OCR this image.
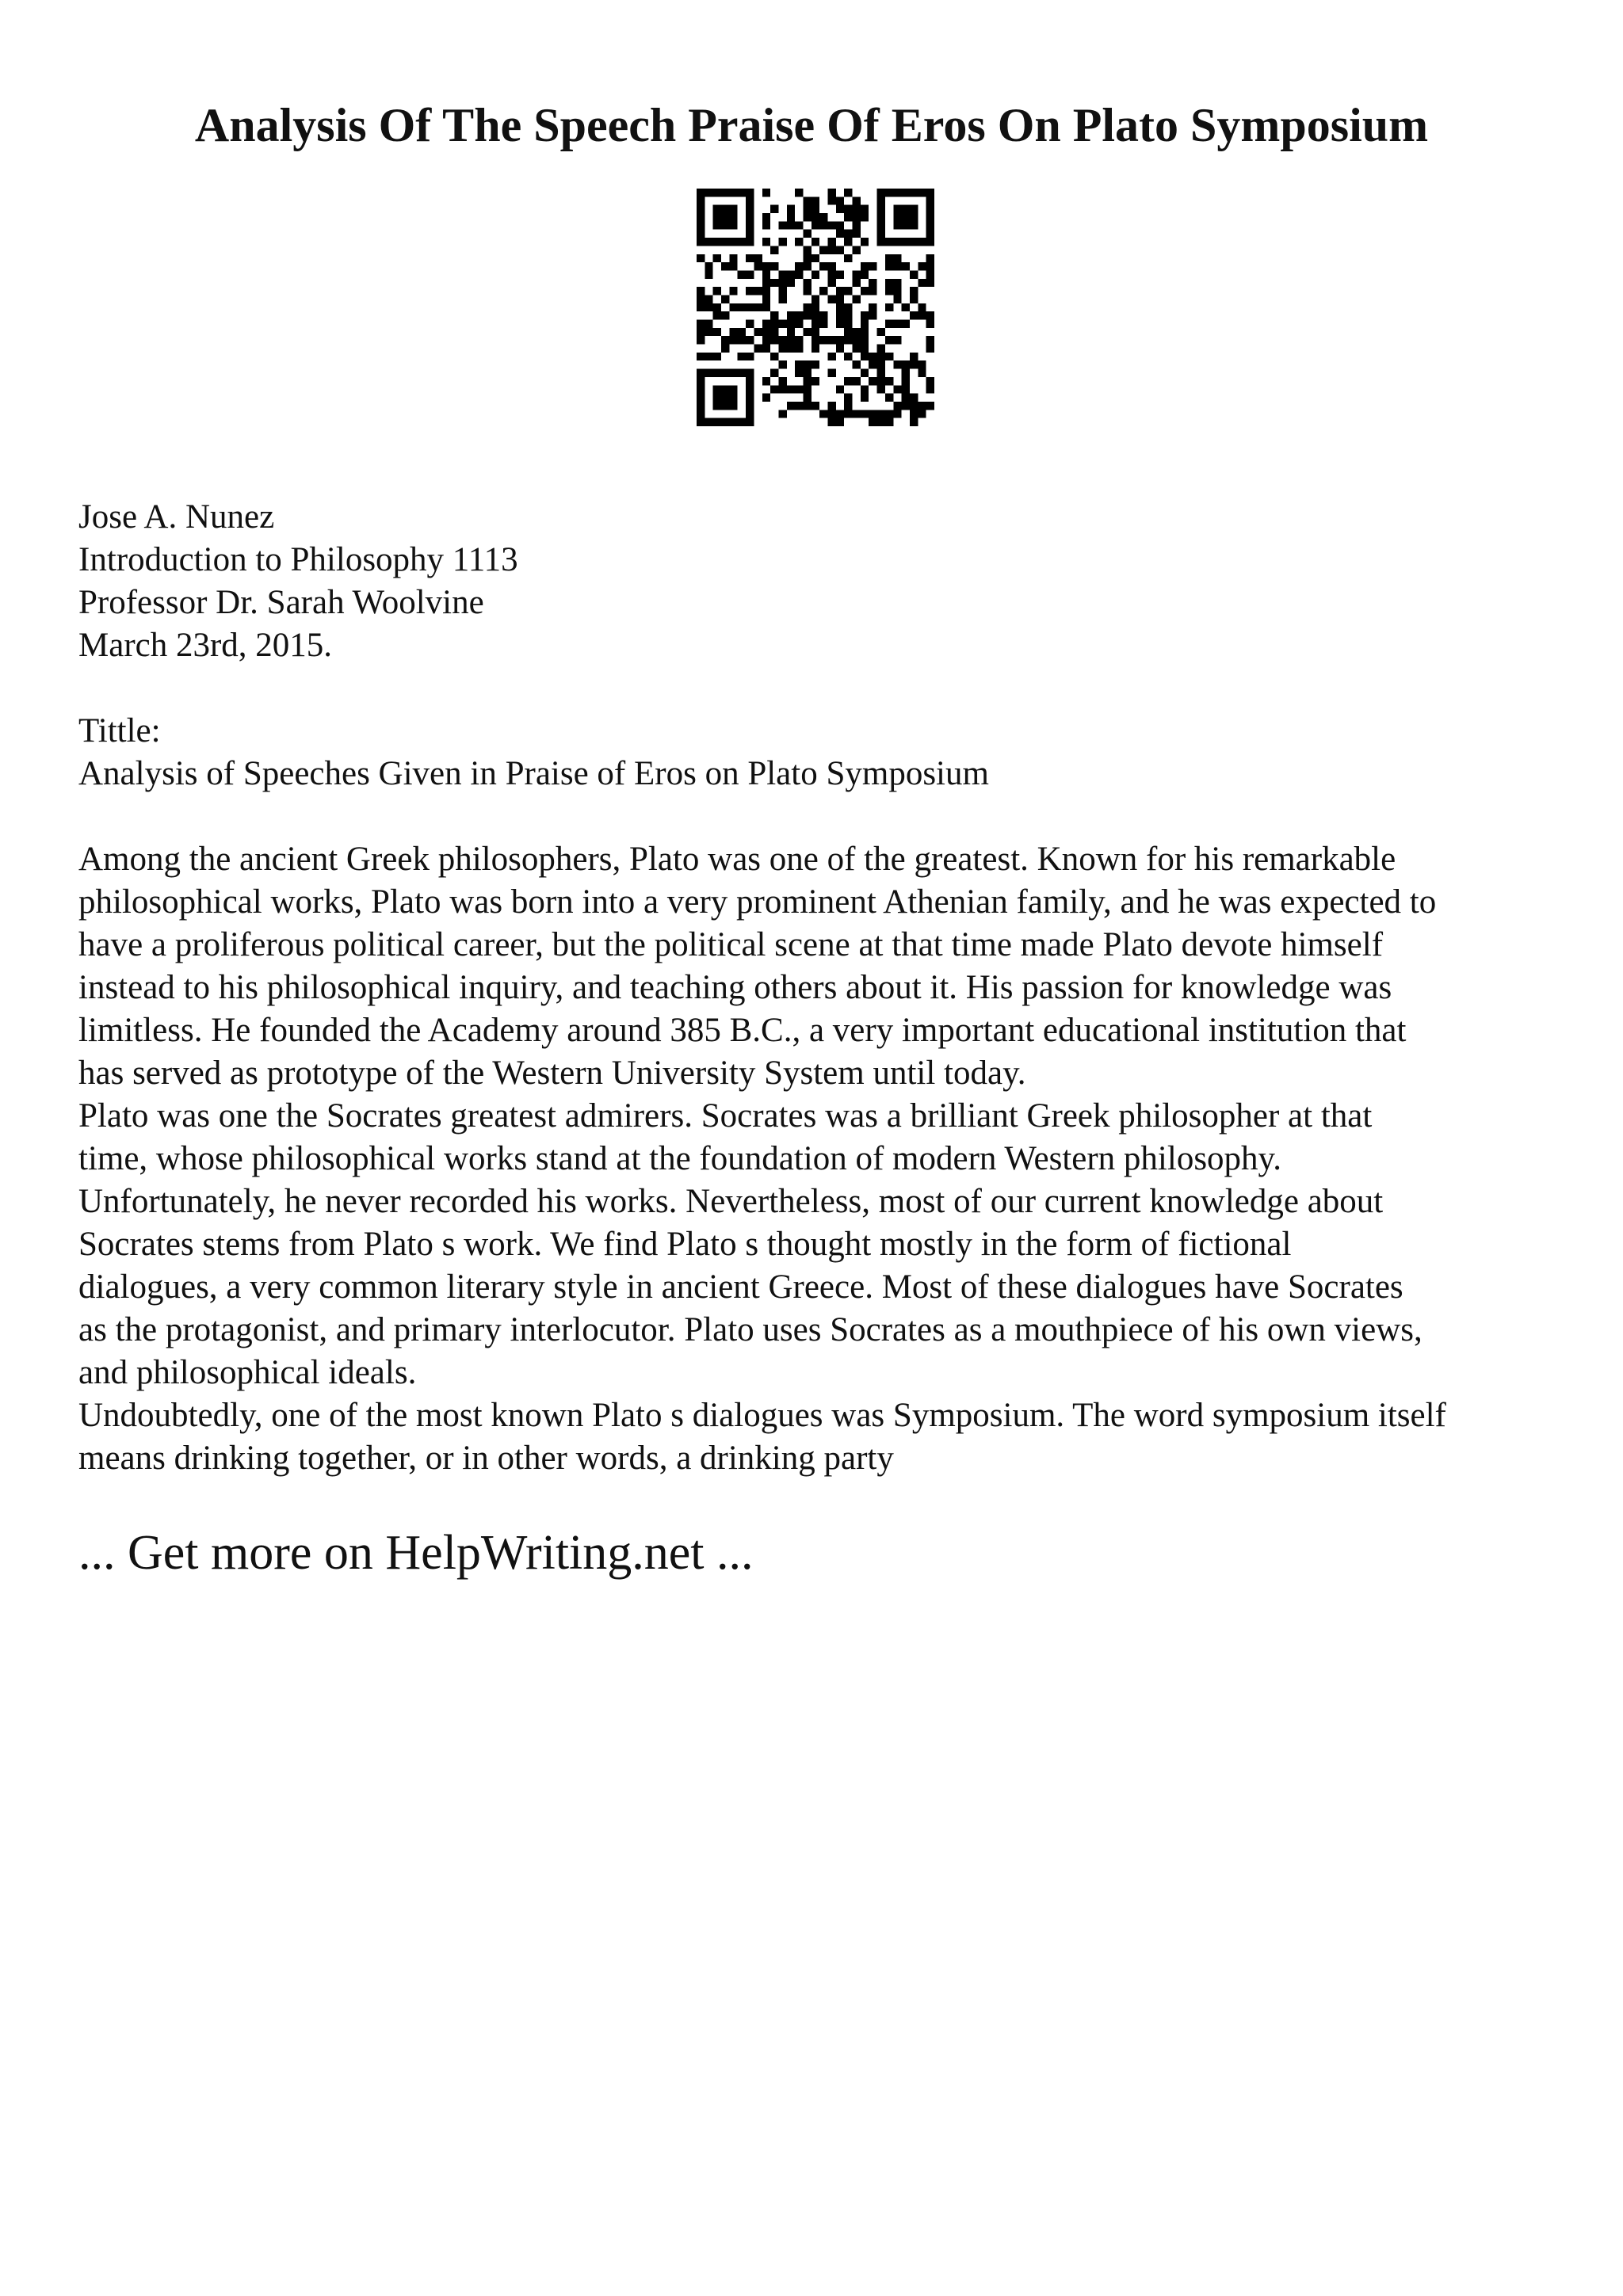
Analysis Of The Speech Praise Of Eros On Plato Symposium
Jose A. Nunez
Introduction to Philosophy 1113
Professor Dr. Sarah Woolvine
March 23rd, 2015.
Tittle:
Analysis of Speeches Given in Praise of Eros on Plato Symposium
Among the ancient Greek philosophers, Plato was one of the greatest. Known for his remarkable
philosophical works, Plato was born into a very prominent Athenian family, and he was expected to
have a proliferous political career, but the political scene at that time made Plato devote himself
instead to his philosophical inquiry, and teaching others about it. His passion for knowledge was
limitless. He founded the Academy around 385 B.C., a very important educational institution that
has served as prototype of the Western University System until today.
Plato was one the Socrates greatest admirers. Socrates was a brilliant Greek philosopher at that
time, whose philosophical works stand at the foundation of modern Western philosophy.
Unfortunately, he never recorded his works. Nevertheless, most of our current knowledge about
Socrates stems from Plato s work. We find Plato s thought mostly in the form of fictional
dialogues, a very common literary style in ancient Greece. Most of these dialogues have Socrates
as the protagonist, and primary interlocutor. Plato uses Socrates as a mouthpiece of his own views,
and philosophical ideals.
Undoubtedly, one of the most known Plato s dialogues was Symposium. The word symposium itself
means drinking together, or in other words, a drinking party
... Get more on HelpWriting.net ...
